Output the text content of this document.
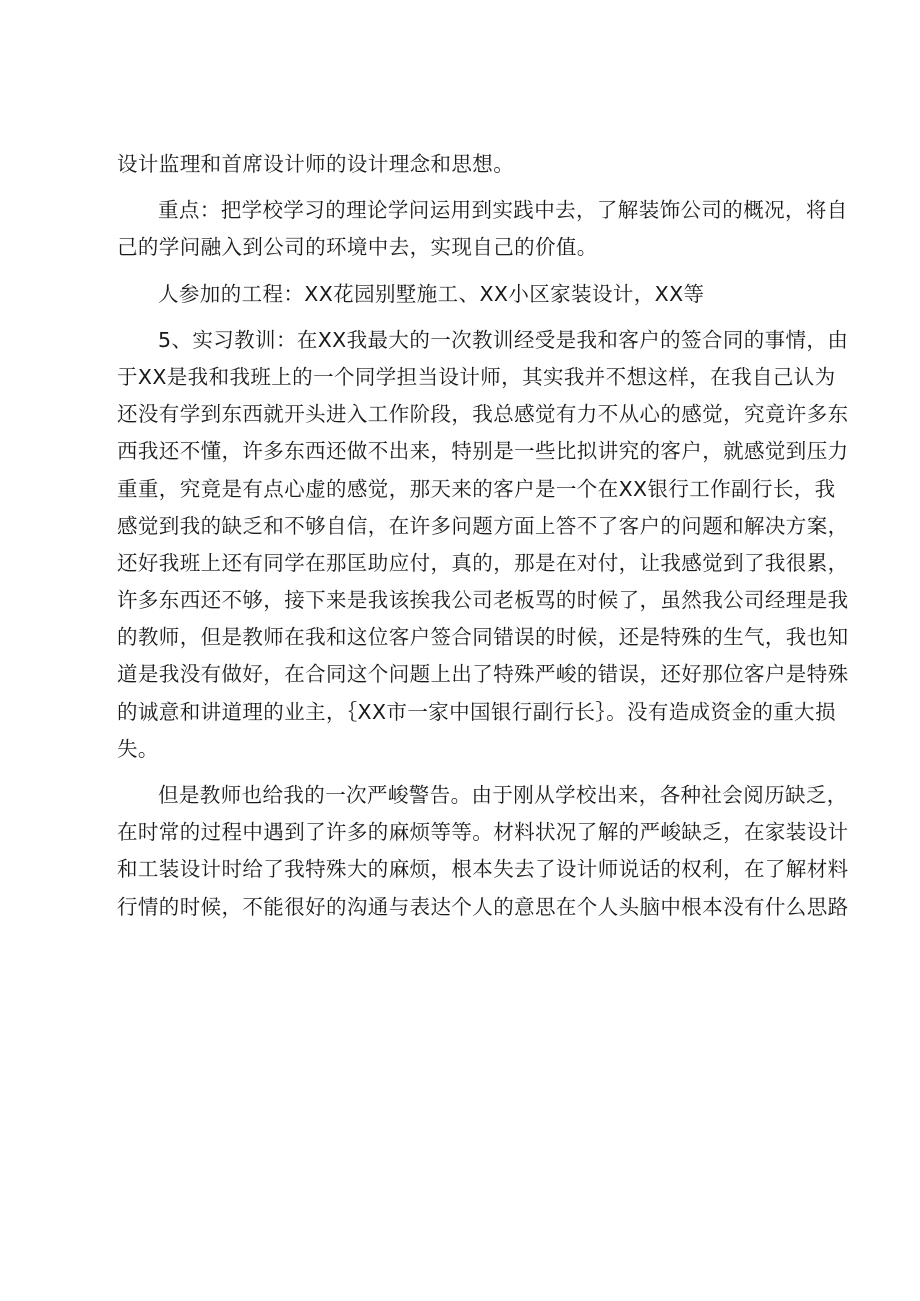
设计监理和首席设计师的设计理念和思想。
重点：把学校学习的理论学问运用到实践中去，了解装饰公司的概况，将自
己的学问融入到公司的环境中去，实现自己的价值。
人参加的工程：XX花园别墅施工、XX小区家装设计，XX等
5、实习教训：在XX我最大的一次教训经受是我和客户的签合同的事情，由
于XX是我和我班上的一个同学担当设计师，其实我并不想这样，在我自己认为
还没有学到东西就开头进入工作阶段，我总感觉有力不从心的感觉，究竟许多东
西我还不懂，许多东西还做不出来，特别是一些比拟讲究的客户，就感觉到压力
重重，究竟是有点心虚的感觉，那天来的客户是一个在XX银行工作副行长，我
感觉到我的缺乏和不够自信，在许多问题方面上答不了客户的问题和解决方案，
还好我班上还有同学在那匡助应付，真的，那是在对付，让我感觉到了我很累，
许多东西还不够，接下来是我该挨我公司老板骂的时候了，虽然我公司经理是我
的教师，但是教师在我和这位客户签合同错误的时候，还是特殊的生气，我也知
道是我没有做好，在合同这个问题上出了特殊严峻的错误，还好那位客户是特殊
的诚意和讲道理的业主，｛XX市一家中国银行副行长｝。没有造成资金的重大损
失。
但是教师也给我的一次严峻警告。由于刚从学校出来，各种社会阅历缺乏，
在时常的过程中遇到了许多的麻烦等等。材料状况了解的严峻缺乏，在家装设计
和工装设计时给了我特殊大的麻烦，根本失去了设计师说话的权利，在了解材料
行情的时候，不能很好的沟通与表达个人的意思在个人头脑中根本没有什么思路
